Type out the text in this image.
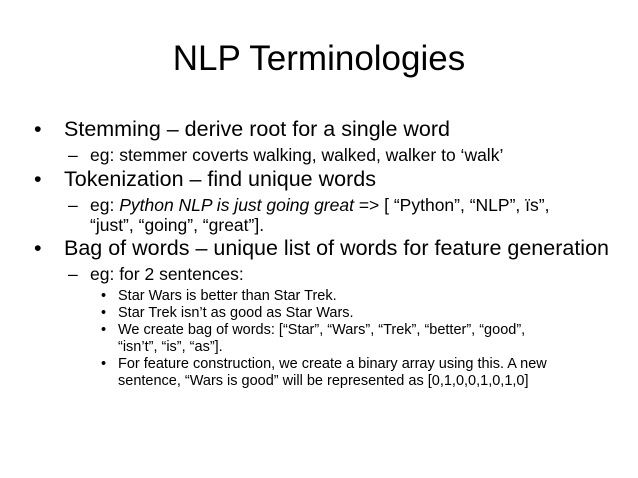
NLP Terminologies
• Stemming – derive root for a single word
– eg: stemmer coverts walking, walked, walker to ‘walk’
• Tokenization – find unique words
– eg: Python NLP is just going great => [ “Python”, “NLP”, ïs”,
“just”, “going”, “great”].
• Bag of words – unique list of words for feature generation
– eg: for 2 sentences:
• Star Wars is better than Star Trek.
• Star Trek isn’t as good as Star Wars.
• We create bag of words: [“Star”, “Wars”, “Trek”, “better”, “good”,
“isn’t”, “is”, “as”].
• For feature construction, we create a binary array using this. A new
sentence, “Wars is good” will be represented as [0,1,0,0,1,0,1,0]
